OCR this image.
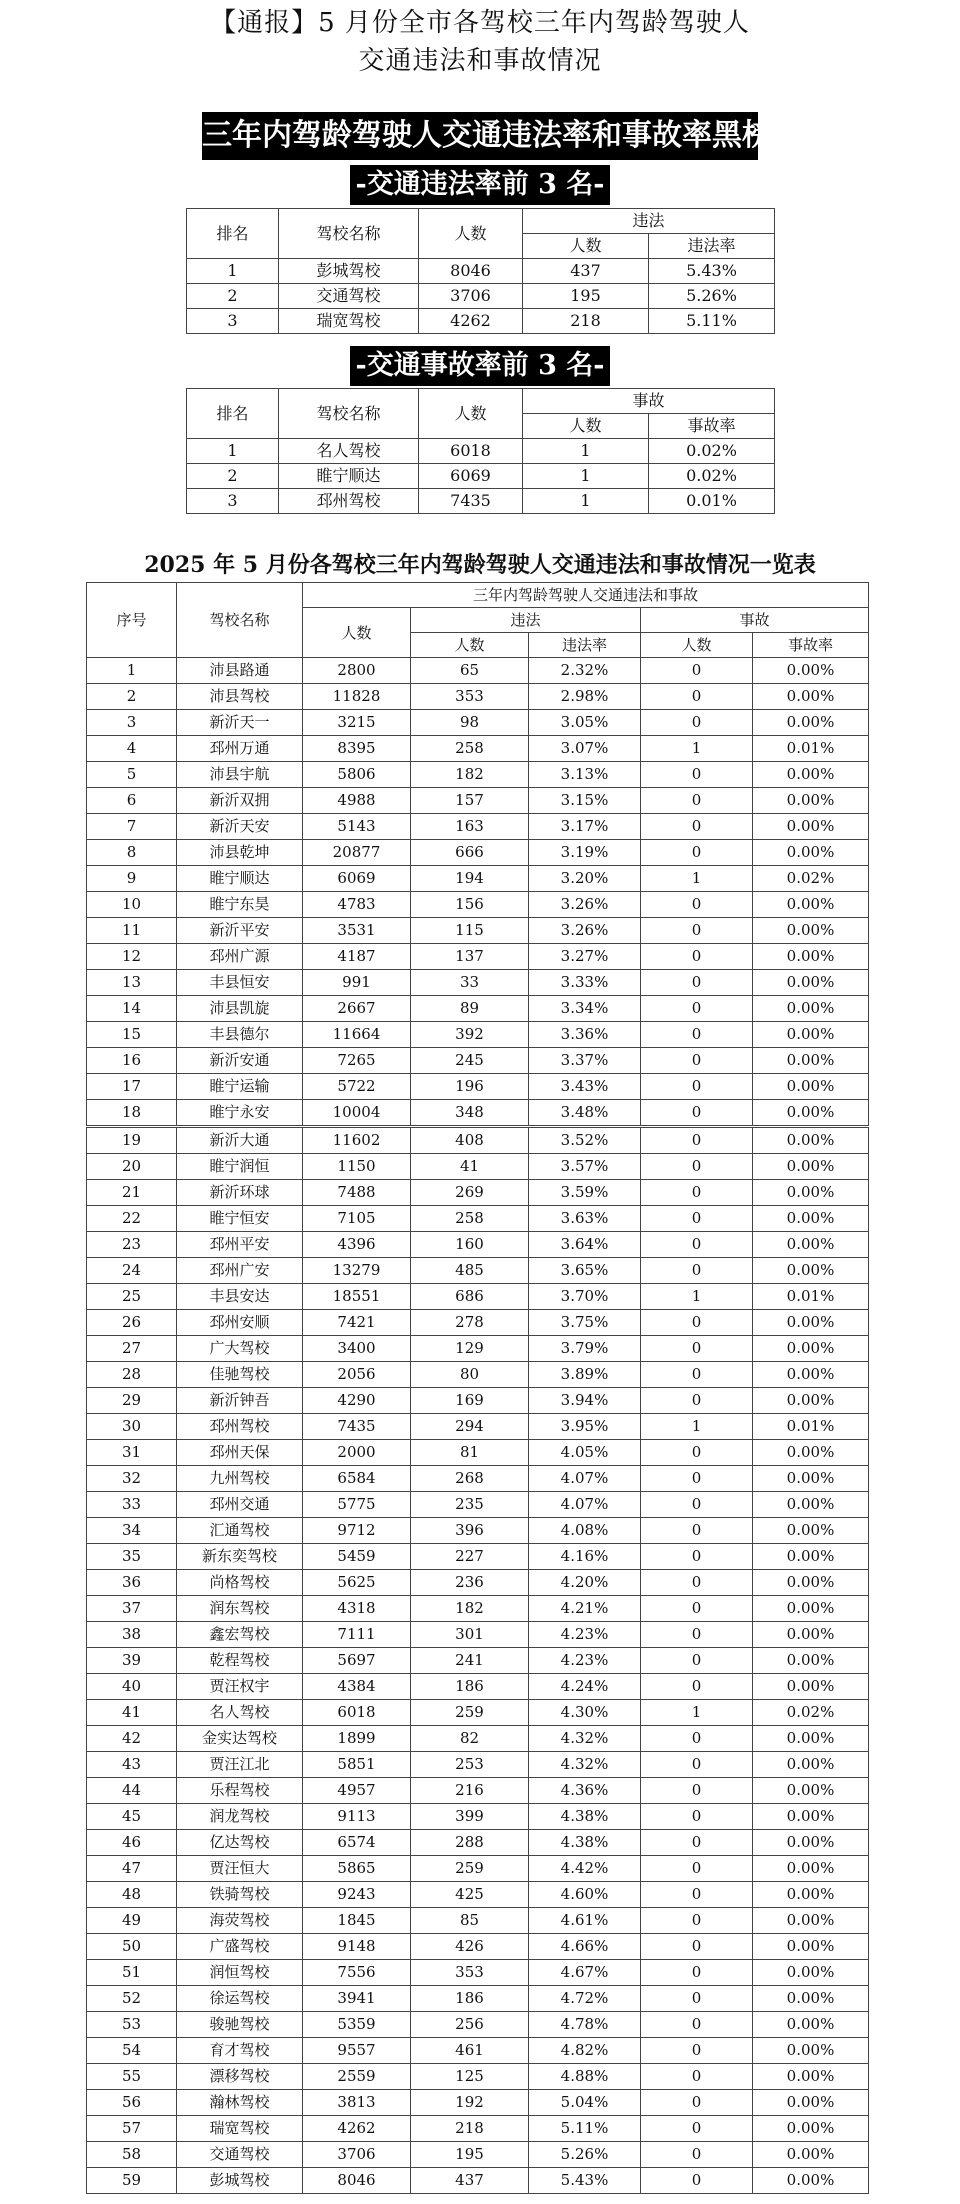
【通报】5 月份全市各驾校三年内驾龄驾驶人
交通违法和事故情况
三年内驾龄驾驶人交通违法率和事故率黑榜
-交通违法率前 3 名-
排名	驾校名称	人数	违法	
			人数	违法率
1	彭城驾校	8046	437	5.43%
2	交通驾校	3706	195	5.26%
3	瑞宽驾校	4262	218	5.11%
-交通事故率前 3 名-
排名	驾校名称	人数	事故	
			人数	事故率
1	名人驾校	6018	1	0.02%
2	睢宁顺达	6069	1	0.02%
3	邳州驾校	7435	1	0.01%
2025 年 5 月份各驾校三年内驾龄驾驶人交通违法和事故情况一览表
序号	驾校名称	三年内驾龄驾驶人交通违法和事故				
		人数	违法		事故	
			人数	违法率	人数	事故率
1	沛县路通	2800	65	2.32%	0	0.00%
2	沛县驾校	11828	353	2.98%	0	0.00%
3	新沂天一	3215	98	3.05%	0	0.00%
4	邳州万通	8395	258	3.07%	1	0.01%
5	沛县宇航	5806	182	3.13%	0	0.00%
6	新沂双拥	4988	157	3.15%	0	0.00%
7	新沂天安	5143	163	3.17%	0	0.00%
8	沛县乾坤	20877	666	3.19%	0	0.00%
9	睢宁顺达	6069	194	3.20%	1	0.02%
10	睢宁东昊	4783	156	3.26%	0	0.00%
11	新沂平安	3531	115	3.26%	0	0.00%
12	邳州广源	4187	137	3.27%	0	0.00%
13	丰县恒安	991	33	3.33%	0	0.00%
14	沛县凯旋	2667	89	3.34%	0	0.00%
15	丰县德尔	11664	392	3.36%	0	0.00%
16	新沂安通	7265	245	3.37%	0	0.00%
17	睢宁运输	5722	196	3.43%	0	0.00%
18	睢宁永安	10004	348	3.48%	0	0.00%
19	新沂大通	11602	408	3.52%	0	0.00%
20	睢宁润恒	1150	41	3.57%	0	0.00%
21	新沂环球	7488	269	3.59%	0	0.00%
22	睢宁恒安	7105	258	3.63%	0	0.00%
23	邳州平安	4396	160	3.64%	0	0.00%
24	邳州广安	13279	485	3.65%	0	0.00%
25	丰县安达	18551	686	3.70%	1	0.01%
26	邳州安顺	7421	278	3.75%	0	0.00%
27	广大驾校	3400	129	3.79%	0	0.00%
28	佳驰驾校	2056	80	3.89%	0	0.00%
29	新沂钟吾	4290	169	3.94%	0	0.00%
30	邳州驾校	7435	294	3.95%	1	0.01%
31	邳州天保	2000	81	4.05%	0	0.00%
32	九州驾校	6584	268	4.07%	0	0.00%
33	邳州交通	5775	235	4.07%	0	0.00%
34	汇通驾校	9712	396	4.08%	0	0.00%
35	新东奕驾校	5459	227	4.16%	0	0.00%
36	尚格驾校	5625	236	4.20%	0	0.00%
37	润东驾校	4318	182	4.21%	0	0.00%
38	鑫宏驾校	7111	301	4.23%	0	0.00%
39	乾程驾校	5697	241	4.23%	0	0.00%
40	贾汪权宇	4384	186	4.24%	0	0.00%
41	名人驾校	6018	259	4.30%	1	0.02%
42	金实达驾校	1899	82	4.32%	0	0.00%
43	贾汪江北	5851	253	4.32%	0	0.00%
44	乐程驾校	4957	216	4.36%	0	0.00%
45	润龙驾校	9113	399	4.38%	0	0.00%
46	亿达驾校	6574	288	4.38%	0	0.00%
47	贾汪恒大	5865	259	4.42%	0	0.00%
48	铁骑驾校	9243	425	4.60%	0	0.00%
49	海荧驾校	1845	85	4.61%	0	0.00%
50	广盛驾校	9148	426	4.66%	0	0.00%
51	润恒驾校	7556	353	4.67%	0	0.00%
52	徐运驾校	3941	186	4.72%	0	0.00%
53	骏驰驾校	5359	256	4.78%	0	0.00%
54	育才驾校	9557	461	4.82%	0	0.00%
55	漂移驾校	2559	125	4.88%	0	0.00%
56	瀚林驾校	3813	192	5.04%	0	0.00%
57	瑞宽驾校	4262	218	5.11%	0	0.00%
58	交通驾校	3706	195	5.26%	0	0.00%
59	彭城驾校	8046	437	5.43%	0	0.00%
